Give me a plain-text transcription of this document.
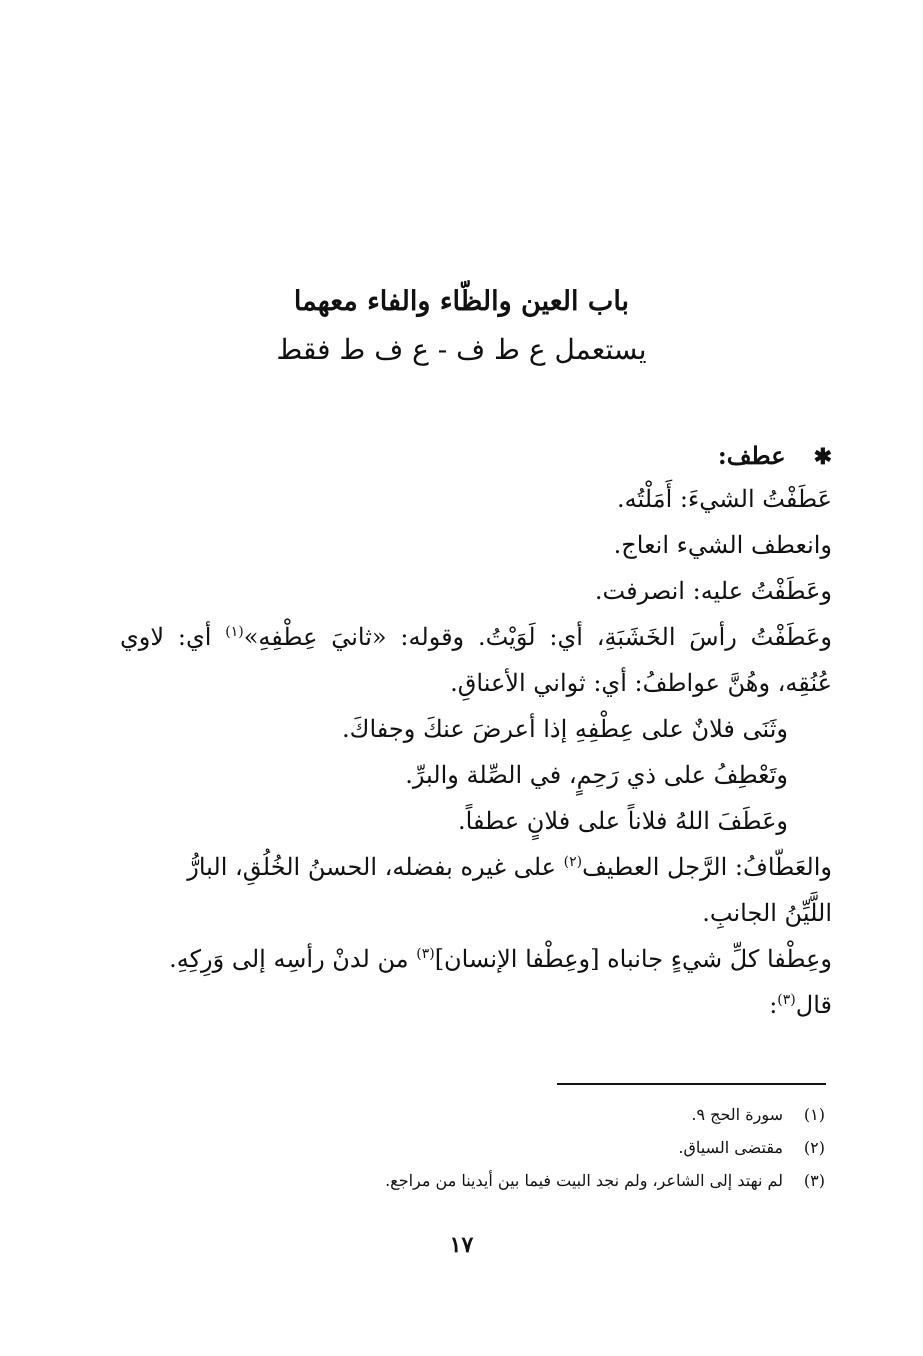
باب العين والظّاء والفاء معهما
يستعمل ع ط ف - ع ف ط فقط
✱عطف:
عَطَفْتُ الشيءَ: أَمَلْتُه.
وانعطف الشيء انعاج.
وعَطَفْتُ عليه: انصرفت.
وعَطَفْتُ رأسَ الخَشَبَةِ، أي: لَوَيْتُ. وقوله: «ثانيَ عِطْفِهِ»$^{(١)}$ أي: لاوي
عُنُقِه، وهُنَّ عواطفُ: أي: ثواني الأعناقِ.
وثَنَى فلانٌ على عِطْفِهِ إذا أعرضَ عنكَ وجفاكَ.
وتَعْطِفُ على ذي رَحِمٍ، في الصِّلة والبرِّ.
وعَطَفَ اللهُ فلاناً على فلانٍ عطفاً.
والعَطّافُ: الرَّجل العطيف$^{(٢)}$ على غيره بفضله، الحسنُ الخُلُقِ، البارُّ
اللَّيِّنُ الجانبِ.
وعِطْفا كلِّ شيءٍ جانباه [وعِطْفا الإنسان]$^{(٣)}$ من لدنْ رأسِه إلى وَرِكِهِ.
قال$^{(٣)}$:
(١)سورة الحج ٩.
(٢)مقتضى السياق.
(٣)لم نهتد إلى الشاعر، ولم نجد البيت فيما بين أيدينا من مراجع.
١٧
